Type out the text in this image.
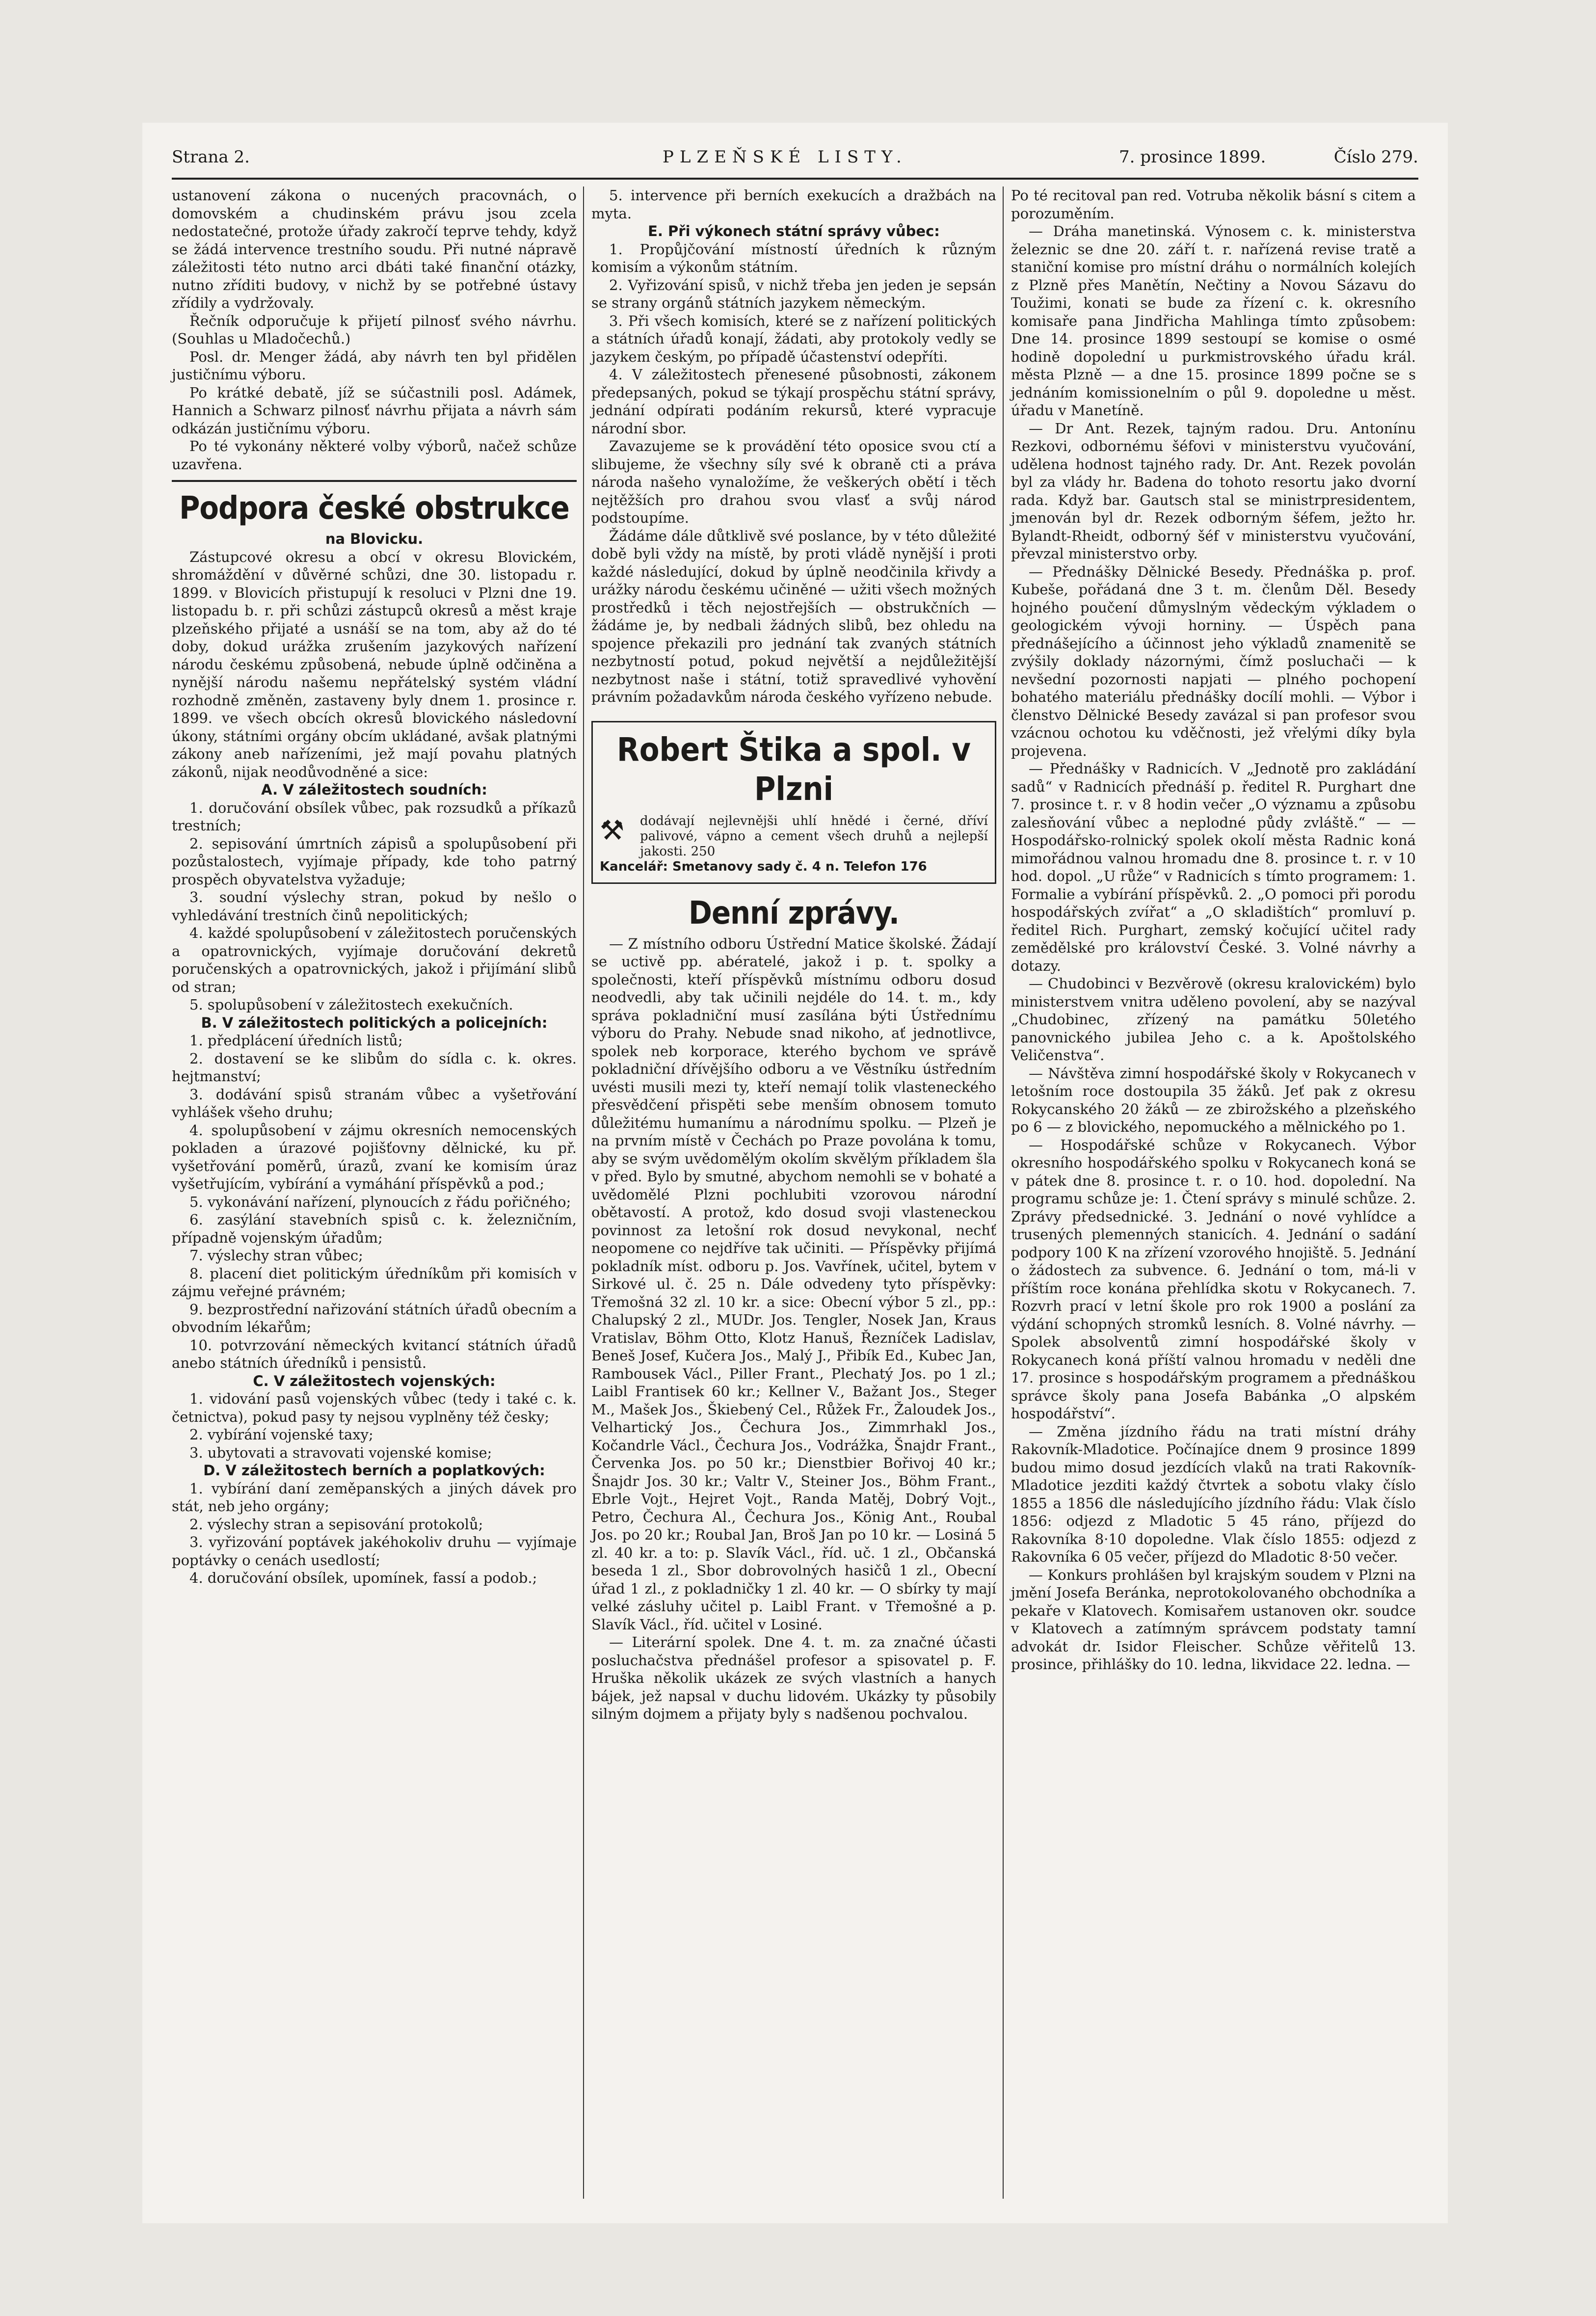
Strana 2.	PLZEŇSKÉ LISTY.	7. prosince 1899.	Číslo 279.

ustanovení zákona o nucených pracovnách, o domovském a chudinském právu jsou zcela nedostatečné, protože úřady zakročí teprve tehdy, když se žádá intervence trestního soudu. Při nutné nápravě záležitosti této nutno arci dbáti také finanční otázky, nutno zříditi budovy, v nichž by se potřebné ústavy zřídily a vydržovaly.

Řečník odporučuje k přijetí pilnosť svého návrhu. (Souhlas u Mladočechů.)

Posl. dr. Menger žádá, aby návrh ten byl přidělen justičnímu výboru.

Po krátké debatě, jíž se súčastnili posl. Adámek, Hannich a Schwarz pilnosť návrhu přijata a návrh sám odkázán justičnímu výboru.

Po té vykonány některé volby výborů, načež schůze uzavřena.

Podpora české obstrukce

na Blovicku.

Zástupcové okresu a obcí v okresu Blovickém, shromáždění v důvěrné schůzi, dne 30. listopadu r. 1899. v Blovicích přistupují k resoluci v Plzni dne 19. listopadu b. r. při schůzi zástupců okresů a měst kraje plzeňského přijaté a usnáší se na tom, aby až do té doby, dokud urážka zrušením jazykových nařízení národu českému způsobená, nebude úplně odčiněna a nynější národu našemu nepřátelský systém vládní rozhodně změněn, zastaveny byly dnem 1. prosince r. 1899. ve všech obcích okresů blovického následovní úkony, státními orgány obcím ukládané, avšak platnými zákony aneb nařízeními, jež mají povahu platných zákonů, nijak neodůvodněné a sice:

A. V záležitostech soudních:

1. doručování obsílek vůbec, pak rozsudků a příkazů trestních;

2. sepisování úmrtních zápisů a spolupůsobení při pozůstalostech, vyjímaje případy, kde toho patrný prospěch obyvatelstva vyžaduje;

3. soudní výslechy stran, pokud by nešlo o vyhledávání trestních činů nepolitických;

4. každé spolupůsobení v záležitostech poručenských a opatrovnických, vyjímaje doručování dekretů poručenských a opatrovnických, jakož i přijímání slibů od stran;

5. spolupůsobení v záležitostech exekučních.

B. V záležitostech politických a policejních:

1. předplácení úředních listů;

2. dostavení se ke slibům do sídla c. k. okres. hejtmanství;

3. dodávání spisů stranám vůbec a vyšetřování vyhlášek všeho druhu;

4. spolupůsobení v zájmu okresních nemocenských pokladen a úrazové pojišťovny dělnické, ku př. vyšetřování poměrů, úrazů, zvaní ke komisím úraz vyšetřujícím, vybírání a vymáhání příspěvků a pod.;

5. vykonávání nařízení, plynoucích z řádu pořičného;

6. zasýlání stavebních spisů c. k. železničním, případně vojenským úřadům;

7. výslechy stran vůbec;

8. placení diet politickým úředníkům při komisích v zájmu veřejné právném;

9. bezprostřední nařizování státních úřadů obecním a obvodním lékařům;

10. potvrzování německých kvitancí státních úřadů anebo státních úředníků i pensistů.

C. V záležitostech vojenských:

1. vidování pasů vojenských vůbec (tedy i také c. k. četnictva), pokud pasy ty nejsou vyplněny též česky;

2. vybírání vojenské taxy;

3. ubytovati a stravovati vojenské komise;

D. V záležitostech berních a poplatkových:

1. vybírání daní zeměpanských a jiných dávek pro stát, neb jeho orgány;

2. výslechy stran a sepisování protokolů;

3. vyřizování poptávek jakéhokoliv druhu — vyjímaje poptávky o cenách usedlostí;

4. doručování obsílek, upomínek, fassí a podob.;

5. intervence při berních exekucích a dražbách na myta.

E. Při výkonech státní správy vůbec:

1. Propůjčování místností úředních k různým komisím a výkonům státním.

2. Vyřizování spisů, v nichž třeba jen jeden je sepsán se strany orgánů státních jazykem německým.

3. Při všech komisích, které se z nařízení politických a státních úřadů konají, žádati, aby protokoly vedly se jazykem českým, po případě účastenství odepříti.

4. V záležitostech přenesené působnosti, zákonem předepsaných, pokud se týkají prospěchu státní správy, jednání odpírati podáním rekursů, které vypracuje národní sbor.

Zavazujeme se k provádění této oposice svou ctí a slibujeme, že všechny síly své k obraně cti a práva národa našeho vynaložíme, že veškerých obětí i těch nejtěžších pro drahou svou vlasť a svůj národ podstoupíme.

Žádáme dále důtklivě své poslance, by v této důležité době byli vždy na místě, by proti vládě nynější i proti každé následující, dokud by úplně neodčinila křivdy a urážky národu českému učiněné — užiti všech možných prostředků i těch nejostřejších — obstrukčních — žádáme je, by nedbali žádných slibů, bez ohledu na spojence překazili pro jednání tak zvaných státních nezbytností potud, pokud největší a nejdůležitější nezbytnost naše i státní, totiž spravedlivé vyhovění právním požadavkům národa českého vyřízeno nebude.

Robert Štika a spol. v Plzni
⚒	dodávají nejlevnějši uhlí hnědé i černé, dříví palivové, vápno a cement všech druhů a nejlepší jakosti. 250
Kancelář: Smetanovy sady č. 4 n. Telefon 176
Denní zprávy.

— Z místního odboru Ústřední Matice školské. Žádají se uctivě pp. abératelé, jakož i p. t. spolky a společnosti, kteří příspěvků místnímu odboru dosud neodvedli, aby tak učinili nejdéle do 14. t. m., kdy správa pokladniční musí zasílána býti Ústřednímu výboru do Prahy. Nebude snad nikoho, ať jednotlivce, spolek neb korporace, kterého bychom ve správě pokladniční dřívějšího odboru a ve Věstníku ústředním uvésti musili mezi ty, kteří nemají tolik vlasteneckého přesvědčení přispěti sebe menším obnosem tomuto důležitému humanímu a národnímu spolku. — Plzeň je na prvním místě v Čechách po Praze povolána k tomu, aby se svým uvědomělým okolím skvělým příkladem šla v před. Bylo by smutné, abychom nemohli se v bohaté a uvědomělé Plzni pochlubiti vzorovou národní obětavostí. A protož, kdo dosud svoji vlasteneckou povinnost za letošní rok dosud nevykonal, nechť neopomene co nejdříve tak učiniti. — Příspěvky přijímá pokladník míst. odboru p. Jos. Vavřínek, učitel, bytem v Sirkové ul. č. 25 n. Dále odvedeny tyto příspěvky: Třemošná 32 zl. 10 kr. a sice: Obecní výbor 5 zl., pp.: Chalupský 2 zl., MUDr. Jos. Tengler, Nosek Jan, Kraus Vratislav, Böhm Otto, Klotz Hanuš, Řezníček Ladislav, Beneš Josef, Kučera Jos., Malý J., Přibík Ed., Kubec Jan, Rambousek Václ., Piller Frant., Plechatý Jos. po 1 zl.; Laibl Frantisek 60 kr.; Kellner V., Bažant Jos., Steger M., Mašek Jos., Škiebený Cel., Růžek Fr., Žaloudek Jos., Velhartický Jos., Čechura Jos., Zimmrhakl Jos., Kočandrle Václ., Čechura Jos., Vodrážka, Šnajdr Frant., Červenka Jos. po 50 kr.; Dienstbier Bořivoj 40 kr.; Šnajdr Jos. 30 kr.; Valtr V., Steiner Jos., Böhm Frant., Ebrle Vojt., Hejret Vojt., Randa Matěj, Dobrý Vojt., Petro, Čechura Al., Čechura Jos., König Ant., Roubal Jos. po 20 kr.; Roubal Jan, Broš Jan po 10 kr. — Losiná 5 zl. 40 kr. a to: p. Slavík Václ., říd. uč. 1 zl., Občanská beseda 1 zl., Sbor dobrovolných hasičů 1 zl., Obecní úřad 1 zl., z pokladničky 1 zl. 40 kr. — O sbírky ty mají velké zásluhy učitel p. Laibl Frant. v Třemošné a p. Slavík Václ., říd. učitel v Losiné.

— Literární spolek. Dne 4. t. m. za značné účasti posluchačstva přednášel profesor a spisovatel p. F. Hruška několik ukázek ze svých vlastních a hanych bájek, jež napsal v duchu lidovém. Ukázky ty působily silným dojmem a přijaty byly s nadšenou pochvalou.

Po té recitoval pan red. Votruba několik básní s citem a porozuměním.

— Dráha manetinská. Výnosem c. k. ministerstva železnic se dne 20. září t. r. nařízená revise tratě a staniční komise pro místní dráhu o normálních kolejích z Plzně přes Manětín, Nečtiny a Novou Sázavu do Toužimi, konati se bude za řízení c. k. okresního komisaře pana Jindřicha Mahlinga tímto způsobem: Dne 14. prosince 1899 sestoupí se komise o osmé hodině dopolední u purkmistrovského úřadu král. města Plzně — a dne 15. prosince 1899 počne se s jednáním komissionelním o půl 9. dopoledne u měst. úřadu v Manetíně.

— Dr Ant. Rezek, tajným radou. Dru. Antonínu Rezkovi, odbornému šéfovi v ministerstvu vyučování, udělena hodnost tajného rady. Dr. Ant. Rezek povolán byl za vlády hr. Badena do tohoto resortu jako dvorní rada. Když bar. Gautsch stal se ministrpresidentem, jmenován byl dr. Rezek odborným šéfem, ježto hr. Bylandt-Rheidt, odborný šéf v ministerstvu vyučování, převzal ministerstvo orby.

— Přednášky Dělnické Besedy. Přednáška p. prof. Kubeše, pořádaná dne 3 t. m. členům Děl. Besedy hojného poučení důmyslným vědeckým výkladem o geologickém vývoji horniny. — Úspěch pana přednášejícího a účinnost jeho výkladů znamenitě se zvýšily doklady názornými, čímž posluchači — k nevšední pozornosti napjati — plného pochopení bohatého materiálu přednášky docílí mohli. — Výbor i členstvo Dělnické Besedy zavázal si pan profesor svou vzácnou ochotou ku vděčnosti, jež vřelými díky byla projevena.

— Přednášky v Radnicích. V „Jednotě pro zakládání sadů“ v Radnicích přednáší p. ředitel R. Purghart dne 7. prosince t. r. v 8 hodin večer „O významu a způsobu zalesňování vůbec a neplodné půdy zvláště.“ — — Hospodářsko-rolnický spolek okolí města Radnic koná mimořádnou valnou hromadu dne 8. prosince t. r. v 10 hod. dopol. „U růže“ v Radnicích s tímto programem: 1. Formalie a vybírání příspěvků. 2. „O pomoci při porodu hospodářských zvířat“ a „O skladištích“ promluví p. ředitel Rich. Purghart, zemský kočující učitel rady zemědělské pro království České. 3. Volné návrhy a dotazy.

— Chudobinci v Bezvěrově (okresu kralovickém) bylo ministerstvem vnitra uděleno povolení, aby se nazýval „Chudobinec, zřízený na památku 50letého panovnického jubilea Jeho c. a k. Apoštolského Veličenstva“.

— Návštěva zimní hospodářské školy v Rokycanech v letošním roce dostoupila 35 žáků. Jeť pak z okresu Rokycanského 20 žáků — ze zbirožského a plzeňského po 6 — z blovického, nepomuckého a mělnického po 1.

— Hospodářské schůze v Rokycanech. Výbor okresního hospodářského spolku v Rokycanech koná se v pátek dne 8. prosince t. r. o 10. hod. dopolední. Na programu schůze je: 1. Čtení správy s minulé schůze. 2. Zprávy předsednické. 3. Jednání o nové vyhlídce a trusených plemenných stanicích. 4. Jednání o sadání podpory 100 K na zřízení vzorového hnojiště. 5. Jednání o žádostech za subvence. 6. Jednání o tom, má-li v příštím roce konána přehlídka skotu v Rokycanech. 7. Rozvrh prací v letní škole pro rok 1900 a poslání za výdání schopných stromků lesních. 8. Volné návrhy. — Spolek absolventů zimní hospodářské školy v Rokycanech koná příští valnou hromadu v neděli dne 17. prosince s hospodářským programem a přednáškou správce školy pana Josefa Babánka „O alpském hospodářství“.

— Změna jízdního řádu na trati místní dráhy Rakovník-Mladotice. Počínajíce dnem 9 prosince 1899 budou mimo dosud jezdících vlaků na trati Rakovník-Mladotice jezditi každý čtvrtek a sobotu vlaky číslo 1855 a 1856 dle následujícího jízdního řádu: Vlak číslo 1856: odjezd z Mladotic 5 45 ráno, příjezd do Rakovníka 8·10 dopoledne. Vlak číslo 1855: odjezd z Rakovníka 6 05 večer, příjezd do Mladotic 8·50 večer.

— Konkurs prohlášen byl krajským soudem v Plzni na jmění Josefa Beránka, neprotokolovaného obchodníka a pekaře v Klatovech. Komisařem ustanoven okr. soudce v Klatovech a zatímným správcem podstaty tamní advokát dr. Isidor Fleischer. Schůze věřitelů 13. prosince, přihlášky do 10. ledna, likvidace 22. ledna. —
